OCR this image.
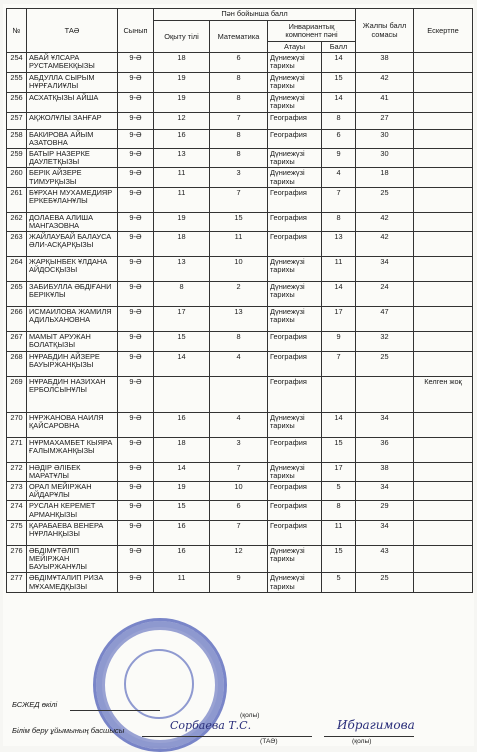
№	ТАӘ	Сынып	Пән бойынша балл				Жалпы балл сомасы	Ескертпе
			Оқыту тілі	Математика	Инвариантық компонент пәні			
					Атауы	Балл		
254	АБАЙ ҰЛСАРА РУСТАМБЕКҚЫЗЫ	9-Ә	18	6	Дүниежүзі тарихы	14	38	
255	АБДУЛЛА СЫРЫМ НҰРҒАЛИҰЛЫ	9-Ә	19	8	Дүниежүзі тарихы	15	42	
256	АСХАТҚЫЗЫ АЙША	9-Ә	19	8	Дүниежүзі тарихы	14	41	
257	АҚЖОЛҰЛЫ ЗАНҒАР	9-Ә	12	7	География	8	27	
258	БАКИРОВА АЙЫМ АЗАТОВНА	9-Ә	16	8	География	6	30	
259	БАТЫР НАЗЕРКЕ ДАУЛЕТҚЫЗЫ	9-Ә	13	8	Дүниежүзі тарихы	9	30	
260	БЕРІК АЙЗЕРЕ ТИМУРҚЫЗЫ	9-Ә	11	3	Дүниежүзі тарихы	4	18	
261	БҰРХАН МУХАМЕДИЯР ЕРКЕБҰЛАНҰЛЫ	9-Ә	11	7	География	7	25	
262	ДОЛАЕВА АЛИША МАНГАЗОВНА	9-Ә	19	15	География	8	42	
263	ЖАЙЛАУБАЙ БАЛАУСА ӘЛИ-АСҚАРҚЫЗЫ	9-Ә	18	11	География	13	42	
264	ЖАРҚЫНБЕК ҰЛДАНА АЙДОСҚЫЗЫ	9-Ә	13	10	Дүниежүзі тарихы	11	34	
265	ЗАБИБУЛЛА ӘБДІҒАНИ БЕРІКҰЛЫ	9-Ә	8	2	Дүниежүзі тарихы	14	24	
266	ИСМАИЛОВА ЖАМИЛЯ АДИЛЬХАНОВНА	9-Ә	17	13	Дүниежүзі тарихы	17	47	
267	МАМЫТ АРУЖАН БОЛАТҚЫЗЫ	9-Ә	15	8	География	9	32	
268	НҰРАБДИН АЙЗЕРЕ БАУЫРЖАНҚЫЗЫ	9-Ә	14	4	География	7	25	
269	НҰРАБДИН НАЗИХАН ЕРБОЛСЫНҰЛЫ	9-Ә			География			Келген жоқ
270	НҰРЖАНОВА НАИЛЯ ҚАЙСАРОВНА	9-Ә	16	4	Дүниежүзі тарихы	14	34	
271	НҰРМАХАМБЕТ КЫЯРА ҒАЛЫМЖАНҚЫЗЫ	9-Ә	18	3	География	15	36	
272	НӘДІР ӘЛІБЕК МАРАТҰЛЫ	9-Ә	14	7	Дүниежүзі тарихы	17	38	
273	ОРАЛ МЕЙІРЖАН АЙДАРҰЛЫ	9-Ә	19	10	География	5	34	
274	РУСЛАН КЕРЕМЕТ АРМАНҚЫЗЫ	9-Ә	15	6	География	8	29	
275	ҚАРАБАЕВА ВЕНЕРА НҰРЛАНҚЫЗЫ	9-Ә	16	7	География	11	34	
276	ӘБДІМҰТӘЛІП МЕЙІРЖАН БАУЫРЖАНҰЛЫ	9-Ә	16	12	Дүниежүзі тарихы	15	43	
277	ӘБДІМҰТАЛИП РИЗА МҰХАМЕДҚЫЗЫ	9-Ә	11	9	Дүниежүзі тарихы	5	25	
БСЖЕД өкілі
(қолы)
Білім беру ұйымының басшысы	Сорбаева Т.С.	Ибрагимова
(ТАӘ)	(қолы)
